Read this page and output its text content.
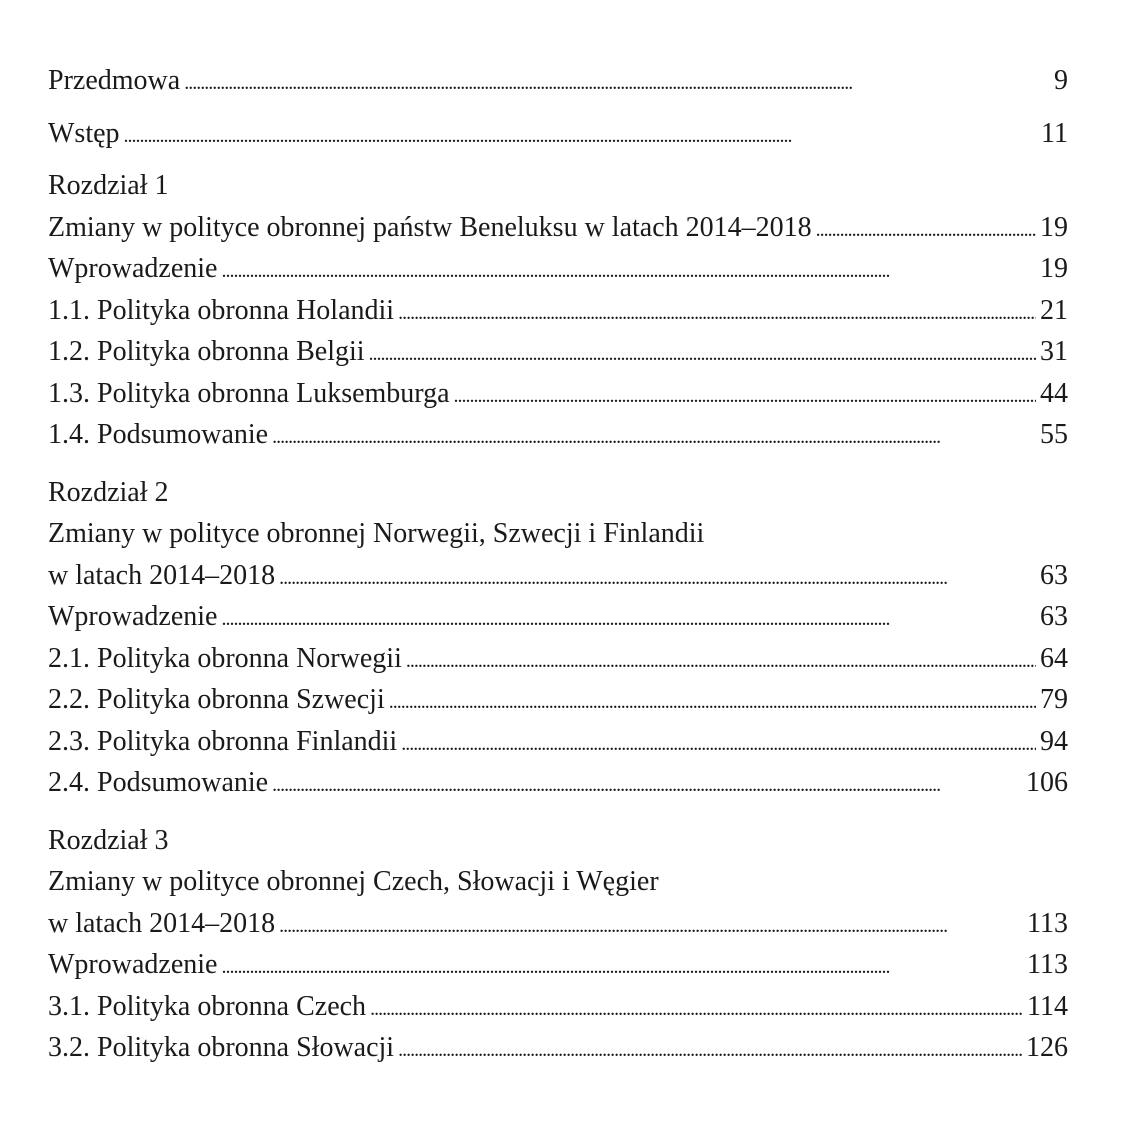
Przedmowa . . .	9
Wstęp . . .	11
Rozdział 1
Zmiany w polityce obronnej państw Beneluksu w latach 2014–2018 . . .	19
Wprowadzenie . . .	19
1.1. Polityka obronna Holandii . . .	21
1.2. Polityka obronna Belgii . . .	31
1.3. Polityka obronna Luksemburga . . .	44
1.4. Podsumowanie . . .	55
Rozdział 2
Zmiany w polityce obronnej Norwegii, Szwecji i Finlandii
w latach 2014–2018 . . .	63
Wprowadzenie . . .	63
2.1. Polityka obronna Norwegii . . .	64
2.2. Polityka obronna Szwecji . . .	79
2.3. Polityka obronna Finlandii . . .	94
2.4. Podsumowanie . . .	106
Rozdział 3
Zmiany w polityce obronnej Czech, Słowacji i Węgier
w latach 2014–2018 . . .	113
Wprowadzenie . . .	113
3.1. Polityka obronna Czech . . .	114
3.2. Polityka obronna Słowacji . . .	126
